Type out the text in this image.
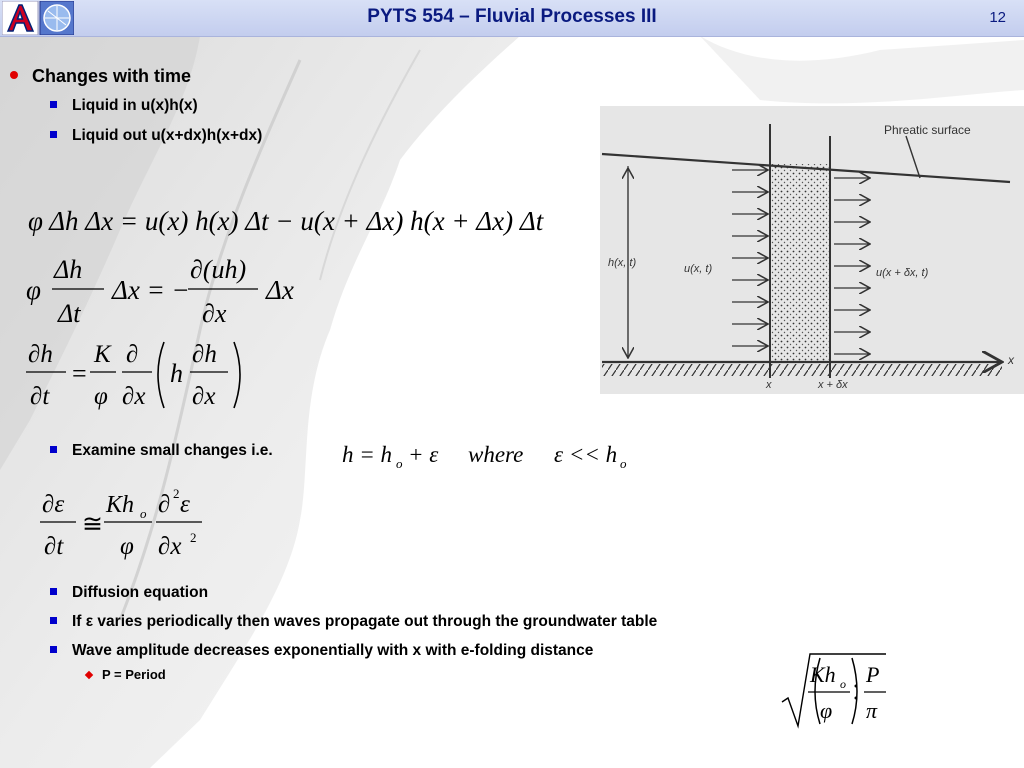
PYTS 554 – Fluvial Processes III	12
Changes with time
Liquid in u(x)h(x)
Liquid out u(x+dx)h(x+dx)
φ Δh Δx = u(x) h(x) Δt − u(x + Δx) h(x + Δx) Δt
φ
Δh
Δt
Δx = −
∂(uh)
∂x
Δx
∂h
∂t
=
K
φ
∂
∂x
h
∂h
∂x
Examine small changes i.e.	h = h o + ε where ε << h o
∂ε
∂t
≅
Kh o
φ
∂ 2 ε
∂x 2
Diffusion equation
If ε varies periodically then waves propagate out through the groundwater table
Wave amplitude decreases exponentially with x with e-folding distance
P = Period	Kh o
φ
P
π
Phreatic surface
h(x, t)	u(x, t)	u(x + δx, t)
x
x	x + δx
